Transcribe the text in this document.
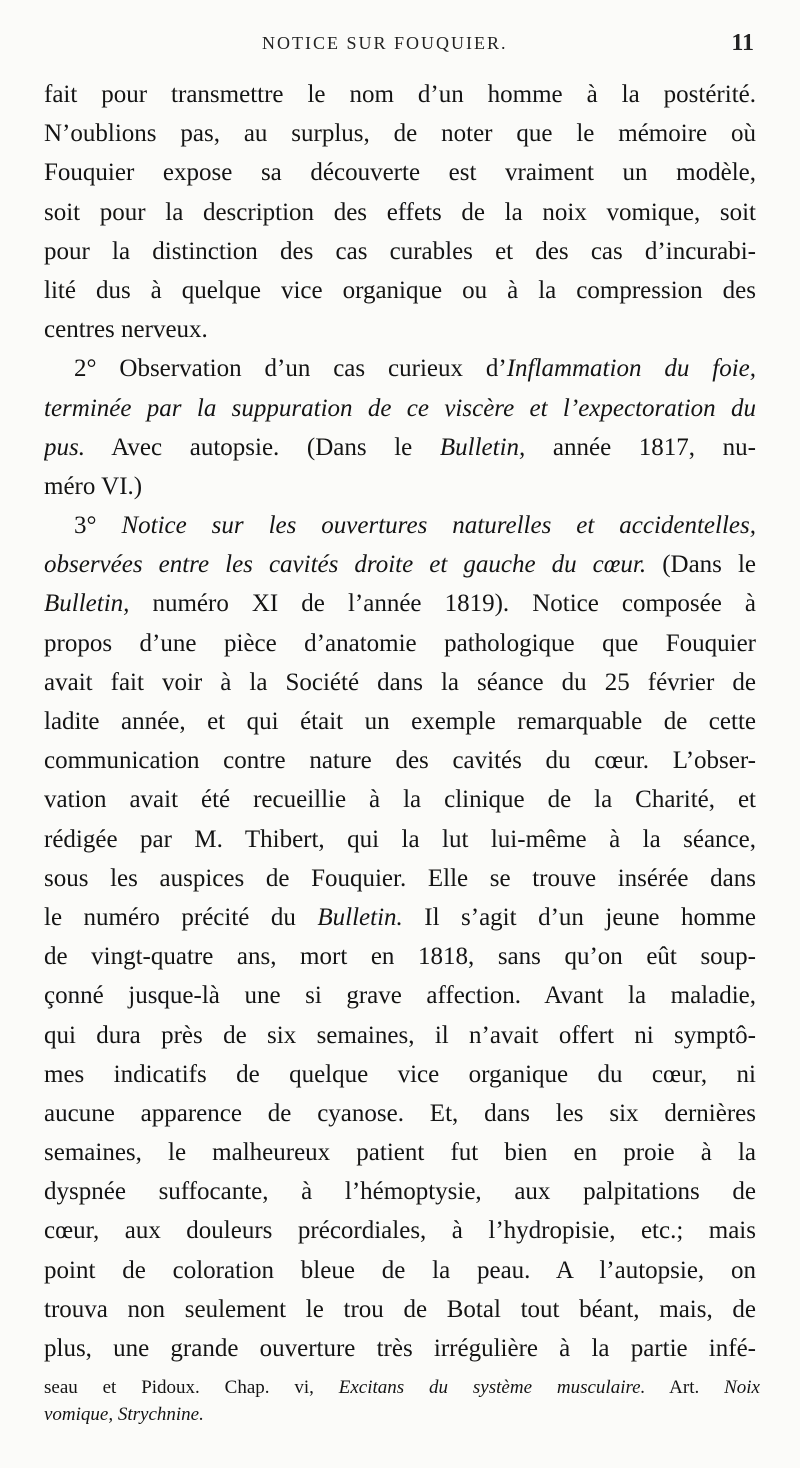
NOTICE SUR FOUQUIER.	11
fait pour transmettre le nom d’un homme à la postérité.
N’oublions pas, au surplus, de noter que le mémoire où
Fouquier expose sa découverte est vraiment un modèle,
soit pour la description des effets de la noix vomique, soit
pour la distinction des cas curables et des cas d’incurabi-
lité dus à quelque vice organique ou à la compression des
centres nerveux.
2° Observation d’un cas curieux d’Inflammation du foie,
terminée par la suppuration de ce viscère et l’expectoration du
pus. Avec autopsie. (Dans le Bulletin, année 1817, nu-
méro VI.)
3° Notice sur les ouvertures naturelles et accidentelles,
observées entre les cavités droite et gauche du cœur. (Dans le
Bulletin, numéro XI de l’année 1819). Notice composée à
propos d’une pièce d’anatomie pathologique que Fouquier
avait fait voir à la Société dans la séance du 25 février de
ladite année, et qui était un exemple remarquable de cette
communication contre nature des cavités du cœur. L’obser-
vation avait été recueillie à la clinique de la Charité, et
rédigée par M. Thibert, qui la lut lui-même à la séance,
sous les auspices de Fouquier. Elle se trouve insérée dans
le numéro précité du Bulletin. Il s’agit d’un jeune homme
de vingt-quatre ans, mort en 1818, sans qu’on eût soup-
çonné jusque-là une si grave affection. Avant la maladie,
qui dura près de six semaines, il n’avait offert ni symptô-
mes indicatifs de quelque vice organique du cœur, ni
aucune apparence de cyanose. Et, dans les six dernières
semaines, le malheureux patient fut bien en proie à la
dyspnée suffocante, à l’hémoptysie, aux palpitations de
cœur, aux douleurs précordiales, à l’hydropisie, etc.; mais
point de coloration bleue de la peau. A l’autopsie, on
trouva non seulement le trou de Botal tout béant, mais, de
plus, une grande ouverture très irrégulière à la partie infé-
seau et Pidoux. Chap. vi, Excitans du système musculaire. Art. Noix
vomique, Strychnine.
